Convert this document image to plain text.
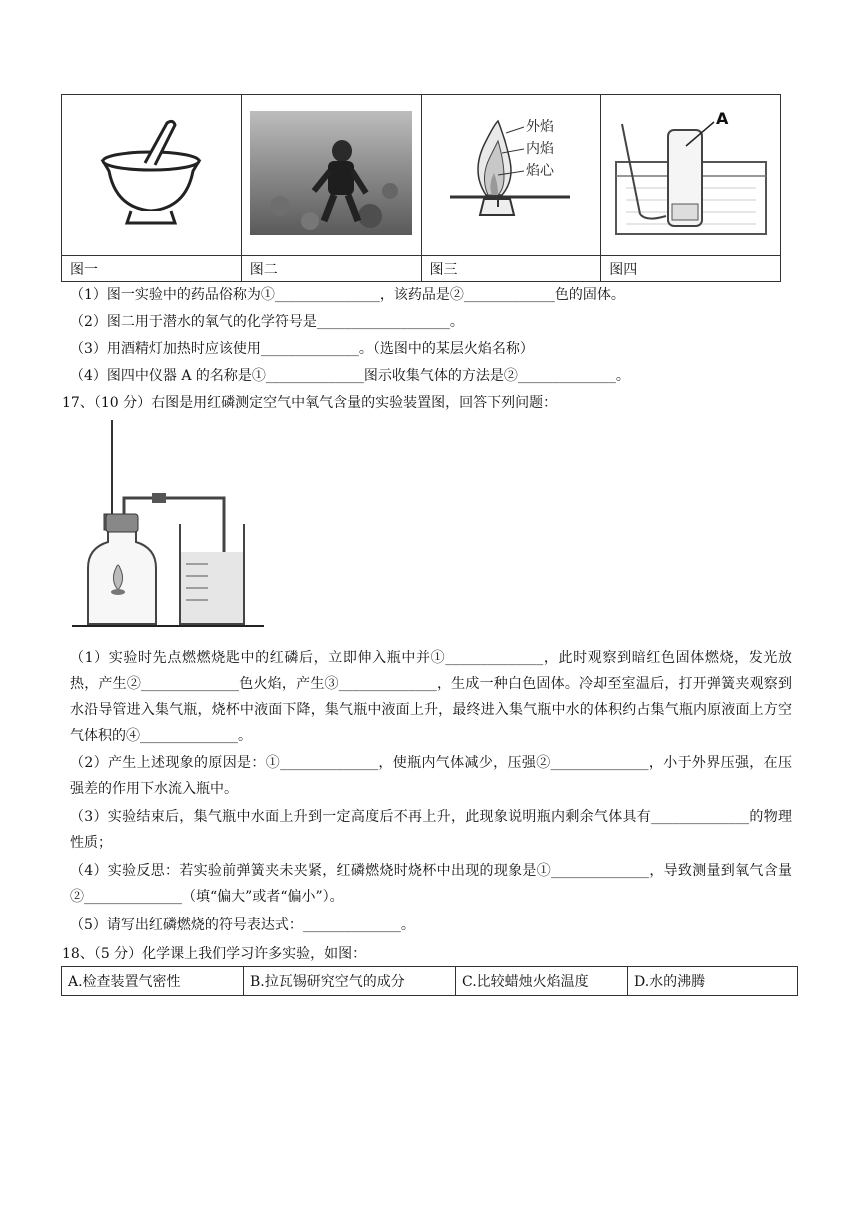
外焰
内焰
焰心	A

图一	图二	图三	图四
（1）图一实验中的药品俗称为①_______________，该药品是②_____________色的固体。
（2）图二用于潜水的氧气的化学符号是___________________。
（3）用酒精灯加热时应该使用______________。（选图中的某层火焰名称）
（4）图四中仪器 A 的名称是①______________图示收集气体的方法是②______________。
17、（10 分）右图是用红磷测定空气中氧气含量的实验装置图，回答下列问题：
（1）实验时先点燃燃烧匙中的红磷后，立即伸入瓶中并①______________，此时观察到暗红色固体燃烧，发光放热，产生②______________色火焰，产生③______________，生成一种白色固体。冷却至室温后，打开弹簧夹观察到水沿导管进入集气瓶，烧杯中液面下降，集气瓶中液面上升，最终进入集气瓶中水的体积约占集气瓶内原液面上方空气体积的④______________。
（2）产生上述现象的原因是：①______________，使瓶内气体减少，压强②______________，小于外界压强，在压强差的作用下水流入瓶中。
（3）实验结束后，集气瓶中水面上升到一定高度后不再上升，此现象说明瓶内剩余气体具有______________的物理性质；
（4）实验反思：若实验前弹簧夹未夹紧，红磷燃烧时烧杯中出现的现象是①______________，导致测量到氧气含量②______________（填“偏大”或者“偏小”）。
（5）请写出红磷燃烧的符号表达式：______________。
18、（5 分）化学课上我们学习许多实验，如图：
A.检查装置气密性	B.拉瓦锡研究空气的成分	C.比较蜡烛火焰温度	D.水的沸腾
